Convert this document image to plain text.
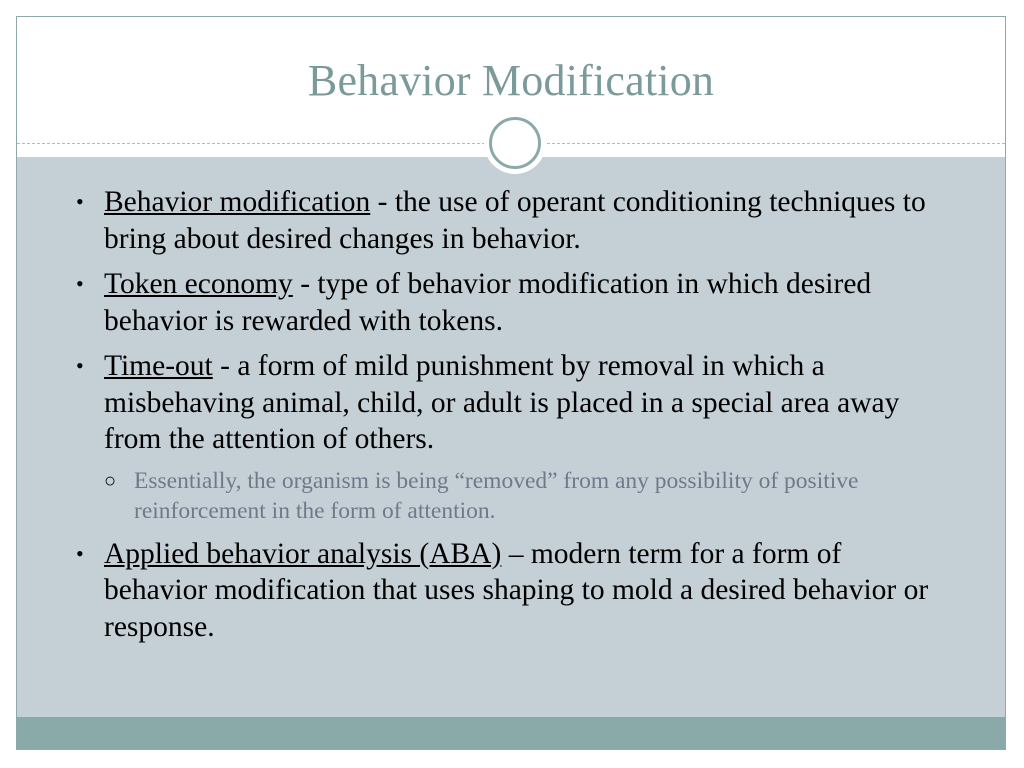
Behavior Modification
• Behavior modification - the use of operant conditioning techniques to bring about desired changes in behavior.
• Token economy - type of behavior modification in which desired behavior is rewarded with tokens.
• Time-out - a form of mild punishment by removal in which a misbehaving animal, child, or adult is placed in a special area away from the attention of others.
○ Essentially, the organism is being “removed” from any possibility of positive reinforcement in the form of attention.
• Applied behavior analysis (ABA) – modern term for a form of behavior modification that uses shaping to mold a desired behavior or response.
